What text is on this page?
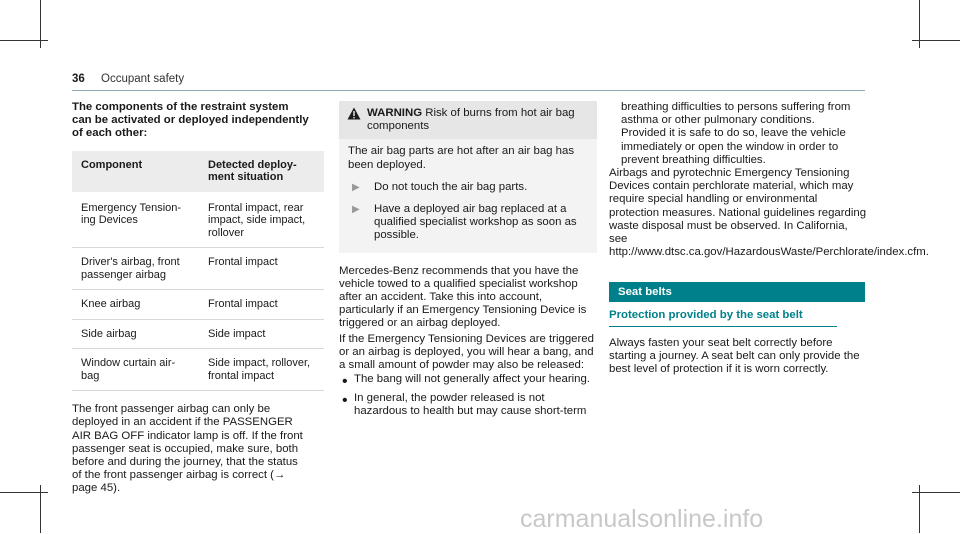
36 Occupant safety

The components of the restraint system can be activated or deployed independently of each other:

Component	Detected deploy-
ment situation
Emergency Tension-
ing Devices	Frontal impact, rear
impact, side impact,
rollover
Driver's airbag, front
passenger airbag	Frontal impact
Knee airbag	Frontal impact
Side airbag	Side impact
Window curtain air-
bag	Side impact, rollover,
frontal impact

The front passenger airbag can only be deployed in an accident if the PASSENGER AIR BAG OFF indicator lamp is off. If the front passenger seat is occupied, make sure, both before and during the journey, that the status of the front passenger airbag is correct (→ page 45).

WARNING Risk of burns from hot air bag components
The air bag parts are hot after an air bag has been deployed.
▶	Do not touch the air bag parts.
▶	Have a deployed air bag replaced at a qualified specialist workshop as soon as possible.

Mercedes-Benz recommends that you have the vehicle towed to a qualified specialist workshop after an accident. Take this into account, particularly if an Emergency Tensioning Device is triggered or an airbag deployed.

If the Emergency Tensioning Devices are triggered or an airbag is deployed, you will hear a bang, and a small amount of powder may also be released:

• The bang will not generally affect your hearing.
• In general, the powder released is not hazardous to health but may cause short-term

breathing difficulties to persons suffering from asthma or other pulmonary conditions.

Provided it is safe to do so, leave the vehicle immediately or open the window in order to prevent breathing difficulties.

Airbags and pyrotechnic Emergency Tensioning Devices contain perchlorate material, which may require special handling or environmental protection measures. National guidelines regarding waste disposal must be observed. In California, see http://www.dtsc.ca.gov/HazardousWaste/Perchlorate/index.cfm.

Seat belts
Protection provided by the seat belt

Always fasten your seat belt correctly before starting a journey. A seat belt can only provide the best level of protection if it is worn correctly.

carmanualsonline.info
